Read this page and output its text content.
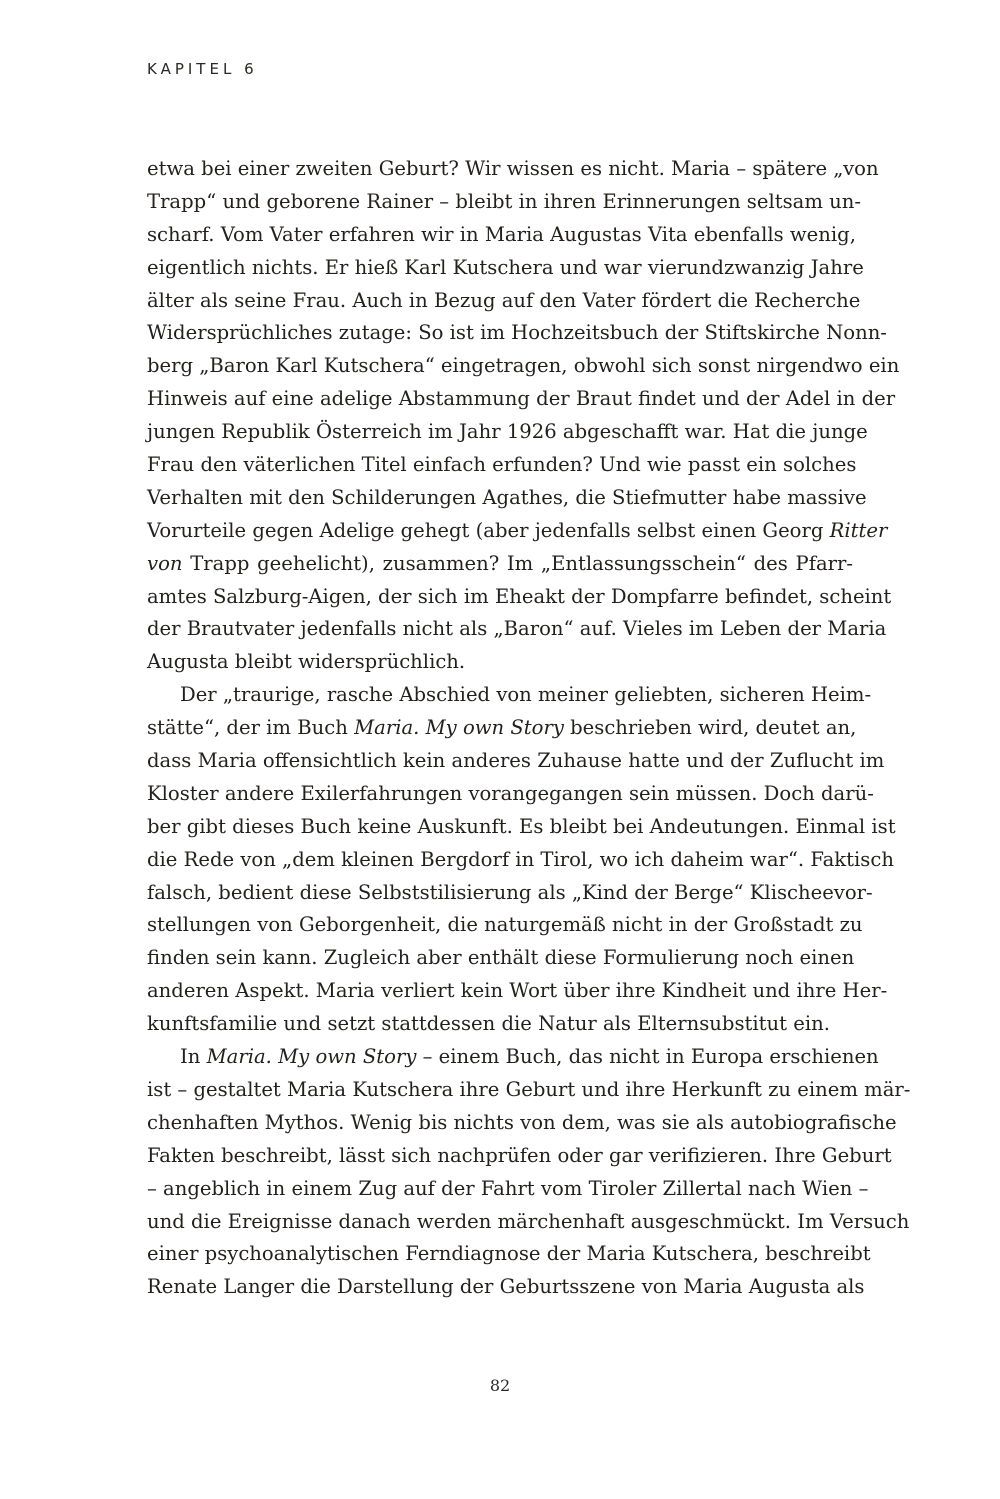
KAPITEL 6
etwa bei einer zweiten Geburt? Wir wissen es nicht. Maria – spätere „von
Trapp“ und geborene Rainer – bleibt in ihren Erinnerungen seltsam un-
scharf. Vom Vater erfahren wir in Maria Augustas Vita ebenfalls wenig,
eigentlich nichts. Er hieß Karl Kutschera und war vierundzwanzig Jahre
älter als seine Frau. Auch in Bezug auf den Vater fördert die Recherche
Widersprüchliches zutage: So ist im Hochzeitsbuch der Stiftskirche Nonn-
berg „Baron Karl Kutschera“ eingetragen, obwohl sich sonst nirgendwo ein
Hinweis auf eine adelige Abstammung der Braut findet und der Adel in der
jungen Republik Österreich im Jahr 1926 abgeschafft war. Hat die junge
Frau den väterlichen Titel einfach erfunden? Und wie passt ein solches
Verhalten mit den Schilderungen Agathes, die Stiefmutter habe massive
Vorurteile gegen Adelige gehegt (aber jedenfalls selbst einen Georg Ritter
von Trapp geehelicht), zusammen? Im „Entlassungsschein“ des Pfarr-
amtes Salzburg-Aigen, der sich im Eheakt der Dompfarre befindet, scheint
der Brautvater jedenfalls nicht als „Baron“ auf. Vieles im Leben der Maria
Augusta bleibt widersprüchlich.
Der „traurige, rasche Abschied von meiner geliebten, sicheren Heim-
stätte“, der im Buch Maria. My own Story beschrieben wird, deutet an,
dass Maria offensichtlich kein anderes Zuhause hatte und der Zuflucht im
Kloster andere Exilerfahrungen vorangegangen sein müssen. Doch darü-
ber gibt dieses Buch keine Auskunft. Es bleibt bei Andeutungen. Einmal ist
die Rede von „dem kleinen Bergdorf in Tirol, wo ich daheim war“. Faktisch
falsch, bedient diese Selbststilisierung als „Kind der Berge“ Klischeevor-
stellungen von Geborgenheit, die naturgemäß nicht in der Großstadt zu
finden sein kann. Zugleich aber enthält diese Formulierung noch einen
anderen Aspekt. Maria verliert kein Wort über ihre Kindheit und ihre Her-
kunftsfamilie und setzt stattdessen die Natur als Elternsubstitut ein.
In Maria. My own Story – einem Buch, das nicht in Europa erschienen
ist – gestaltet Maria Kutschera ihre Geburt und ihre Herkunft zu einem mär-
chenhaften Mythos. Wenig bis nichts von dem, was sie als autobiografische
Fakten beschreibt, lässt sich nachprüfen oder gar verifizieren. Ihre Geburt
– angeblich in einem Zug auf der Fahrt vom Tiroler Zillertal nach Wien –
und die Ereignisse danach werden märchenhaft ausgeschmückt. Im Versuch
einer psychoanalytischen Ferndiagnose der Maria Kutschera, beschreibt
Renate Langer die Darstellung der Geburtsszene von Maria Augusta als
82
